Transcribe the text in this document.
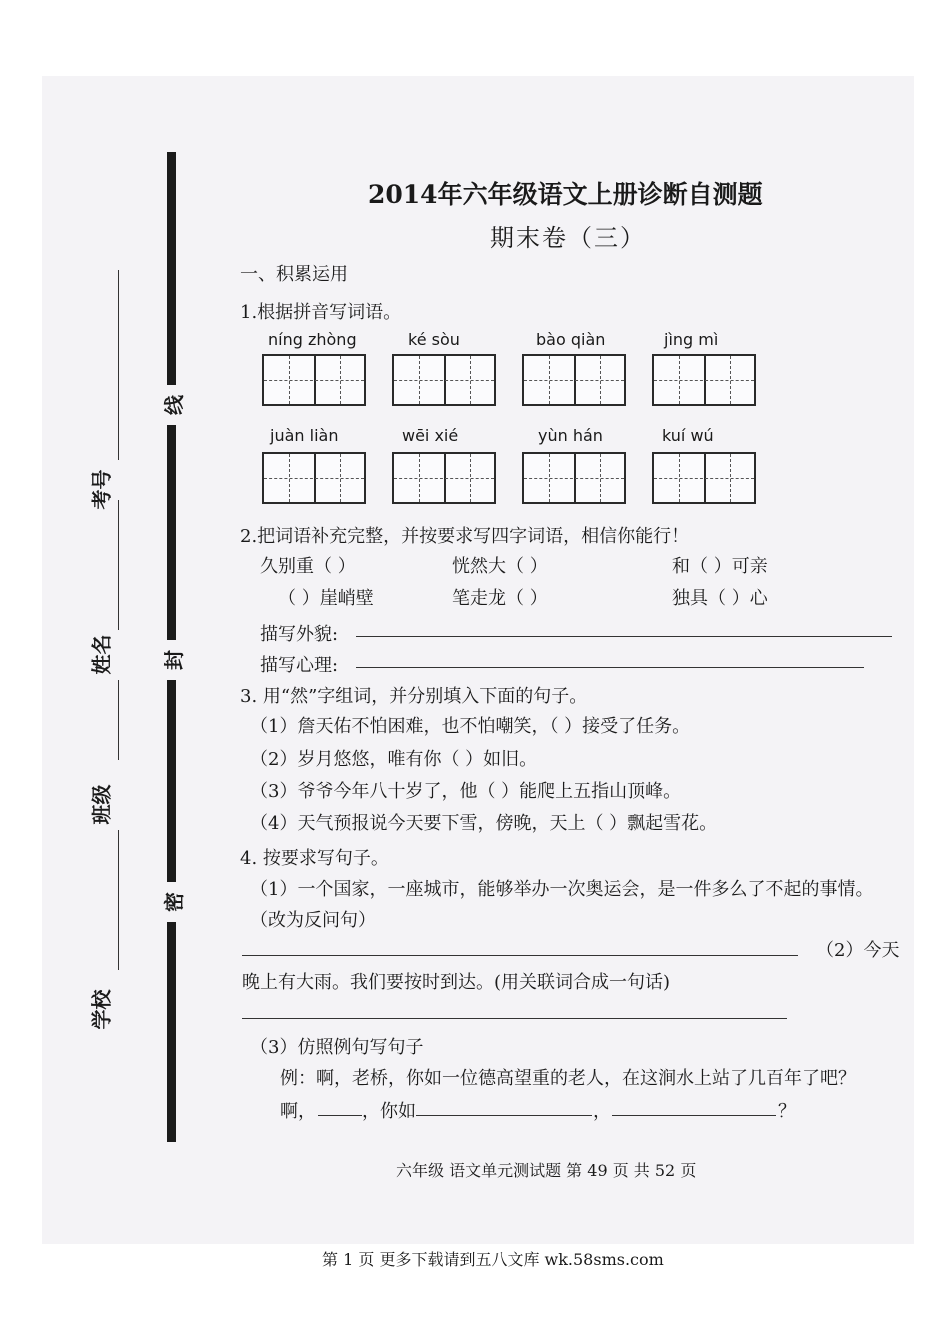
考号
姓名
班级
学校
线
封
密
2014年六年级语文上册诊断自测题
期末卷（三）
一、积累运用
1.根据拼音写词语。
níng zhòng	ké sòu	bào qiàn	jìng mì
juàn liàn	wēi xié	yùn hán	kuí wú
2.把词语补充完整，并按要求写四字词语，相信你能行！
久别重（ ）	恍然大（ ）	和（ ）可亲
（ ）崖峭壁	笔走龙（ ）	独具（ ）心
描写外貌:
描写心理:
3. 用“然”字组词，并分别填入下面的句子。
（1）詹天佑不怕困难，也不怕嘲笑，（ ）接受了任务。
（2）岁月悠悠，唯有你（ ）如旧。
（3）爷爷今年八十岁了，他（ ）能爬上五指山顶峰。
（4）天气预报说今天要下雪，傍晚，天上（ ）飘起雪花。
4. 按要求写句子。
（1）一个国家，一座城市，能够举办一次奥运会，是一件多么了不起的事情。
（改为反问句）
（2）今天
晚上有大雨。我们要按时到达。(用关联词合成一句话)
（3）仿照例句写句子
例：啊，老桥，你如一位德高望重的老人，在这涧水上站了几百年了吧？
啊，	，你如	，	？
六年级 语文单元测试题 第 49 页 共 52 页
第 1 页 更多下载请到五八文库 wk.58sms.com
